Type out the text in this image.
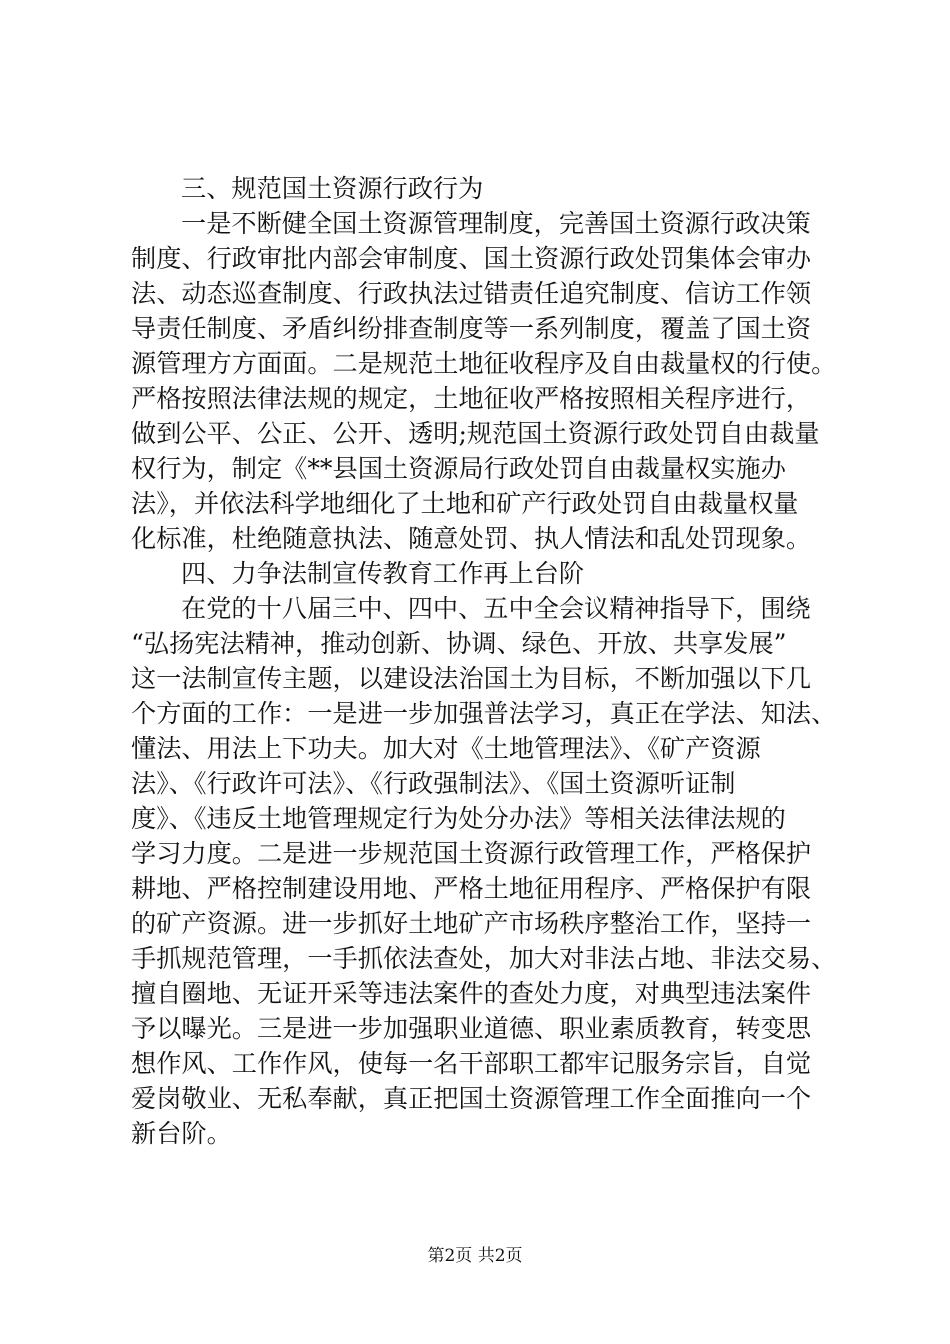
三、规范国土资源行政行为
一是不断健全国土资源管理制度，完善国土资源行政决策
制度、行政审批内部会审制度、国土资源行政处罚集体会审办
法、动态巡查制度、行政执法过错责任追究制度、信访工作领
导责任制度、矛盾纠纷排查制度等一系列制度，覆盖了国土资
源管理方方面面。二是规范土地征收程序及自由裁量权的行使。
严格按照法律法规的规定，土地征收严格按照相关程序进行，
做到公平、公正、公开、透明;规范国土资源行政处罚自由裁量
权行为，制定《**县国土资源局行政处罚自由裁量权实施办
法》，并依法科学地细化了土地和矿产行政处罚自由裁量权量
化标准，杜绝随意执法、随意处罚、执人情法和乱处罚现象。
四、力争法制宣传教育工作再上台阶
在党的十八届三中、四中、五中全会议精神指导下，围绕
“弘扬宪法精神，推动创新、协调、绿色、开放、共享发展”
这一法制宣传主题，以建设法治国土为目标，不断加强以下几
个方面的工作：一是进一步加强普法学习，真正在学法、知法、
懂法、用法上下功夫。加大对《土地管理法》、《矿产资源
法》、《行政许可法》、《行政强制法》、《国土资源听证制
度》、《违反土地管理规定行为处分办法》等相关法律法规的
学习力度。二是进一步规范国土资源行政管理工作，严格保护
耕地、严格控制建设用地、严格土地征用程序、严格保护有限
的矿产资源。进一步抓好土地矿产市场秩序整治工作，坚持一
手抓规范管理，一手抓依法查处，加大对非法占地、非法交易、
擅自圈地、无证开采等违法案件的查处力度，对典型违法案件
予以曝光。三是进一步加强职业道德、职业素质教育，转变思
想作风、工作作风，使每一名干部职工都牢记服务宗旨，自觉
爱岗敬业、无私奉献，真正把国土资源管理工作全面推向一个
新台阶。
第2页 共2页
